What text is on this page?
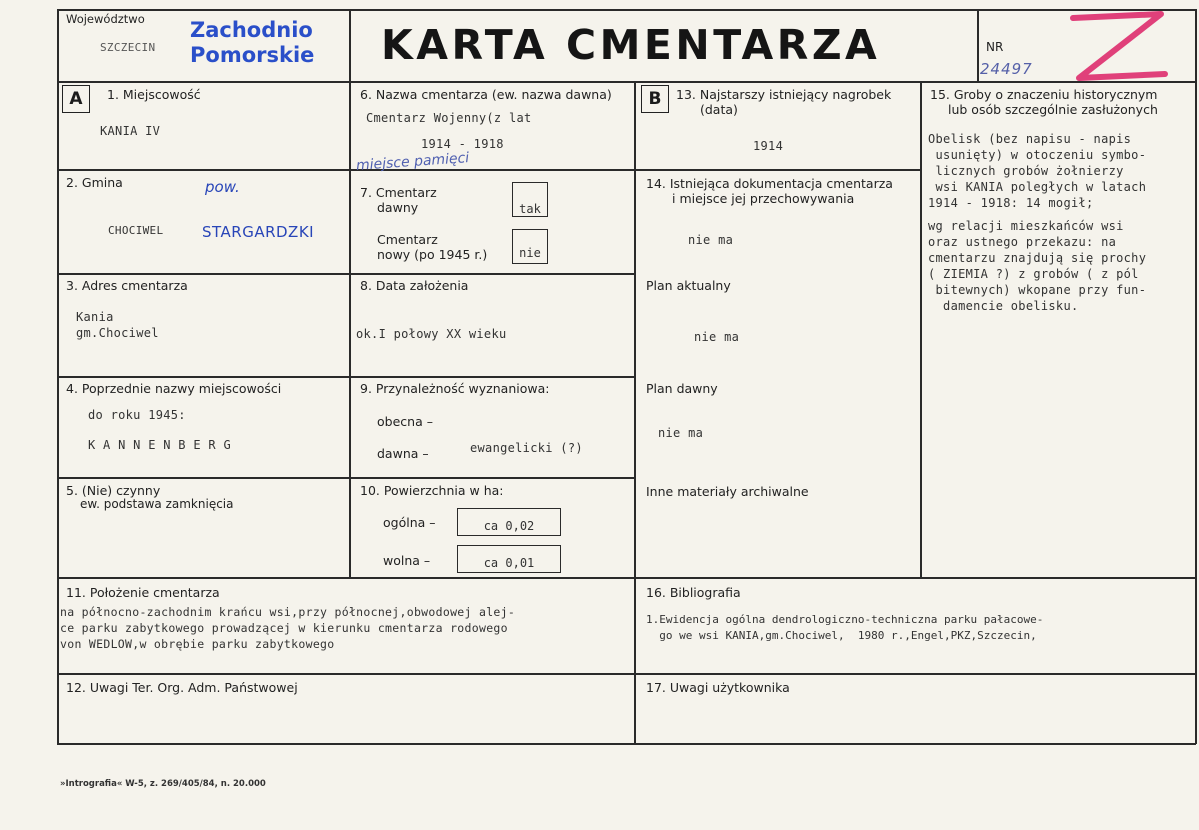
Województwo
SZCZECIN
Zachodnio
Pomorskie KARTA CMENTARZA	NR
24497
A	1. Miejscowość
KANIA IV
2. Gmina	pow.
CHOCIWEL	STARGARDZKI
3. Adres cmentarza
Kania
gm.Chociwel
4. Poprzednie nazwy miejscowości
do roku 1945:
K A N N E N B E R G
5. (Nie) czynny
ew. podstawa zamknięcia
6. Nazwa cmentarza (ew. nazwa dawna)
Cmentarz Wojenny(z lat
1914 - 1918
miejsce pamięci
7. Cmentarz
dawny	tak
Cmentarz
nowy (po 1945 r.)	nie
8. Data założenia
ok.I połowy XX wieku
9. Przynależność wyznaniowa:
obecna –
dawna –	ewangelicki (?)
10. Powierzchnia w ha:
ogólna –	ca 0,02
wolna –	ca 0,01
B	13. Najstarszy istniejący nagrobek
(data)
1914
14. Istniejąca dokumentacja cmentarza
i miejsce jej przechowywania
nie ma
Plan aktualny
nie ma
Plan dawny
nie ma
Inne materiały archiwalne
15. Groby o znaczeniu historycznym
lub osób szczególnie zasłużonych
Obelisk (bez napisu - napis
usunięty) w otoczeniu symbo-
licznych grobów żołnierzy
wsi KANIA poległych w latach
1914 - 1918: 14 mogił;
wg relacji mieszkańców wsi
oraz ustnego przekazu: na
cmentarzu znajdują się prochy
( ZIEMIA ?) z grobów ( z pól
bitewnych) wkopane przy fun-
damencie obelisku.
11. Położenie cmentarza
na północno-zachodnim krańcu wsi,przy północnej,obwodowej alej-
ce parku zabytkowego prowadzącej w kierunku cmentarza rodowego
von WEDLOW,w obrębie parku zabytkowego
16. Bibliografia
1.Ewidencja ogólna dendrologiczno-techniczna parku pałacowe-
go we wsi KANIA,gm.Chociwel,  1980 r.,Engel,PKZ,Szczecin,
12. Uwagi Ter. Org. Adm. Państwowej	17. Uwagi użytkownika
»Intrografia« W-5, z. 269/405/84, n. 20.000
